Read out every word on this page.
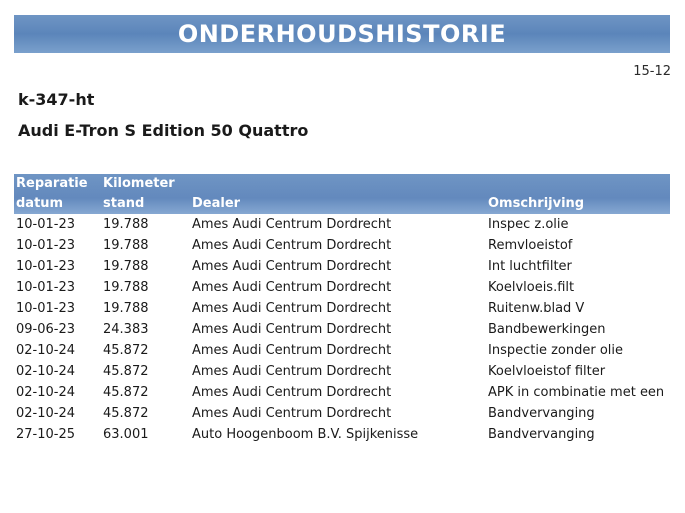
ONDERHOUDSHISTORIE
15-12
k-347-ht
Audi E-Tron S Edition 50 Quattro
Reparatie
datum
Kilometer
stand	Dealer	Omschrijving
10-01-23	19.788	Ames Audi Centrum Dordrecht	Inspec z.olie
10-01-23	19.788	Ames Audi Centrum Dordrecht	Remvloeistof
10-01-23	19.788	Ames Audi Centrum Dordrecht	Int luchtfilter
10-01-23	19.788	Ames Audi Centrum Dordrecht	Koelvloeis.filt
10-01-23	19.788	Ames Audi Centrum Dordrecht	Ruitenw.blad V
09-06-23	24.383	Ames Audi Centrum Dordrecht	Bandbewerkingen
02-10-24	45.872	Ames Audi Centrum Dordrecht	Inspectie zonder olie
02-10-24	45.872	Ames Audi Centrum Dordrecht	Koelvloeistof filter
02-10-24	45.872	Ames Audi Centrum Dordrecht	APK in combinatie met een
02-10-24	45.872	Ames Audi Centrum Dordrecht	Bandvervanging
27-10-25	63.001	Auto Hoogenboom B.V. Spijkenisse	Bandvervanging
